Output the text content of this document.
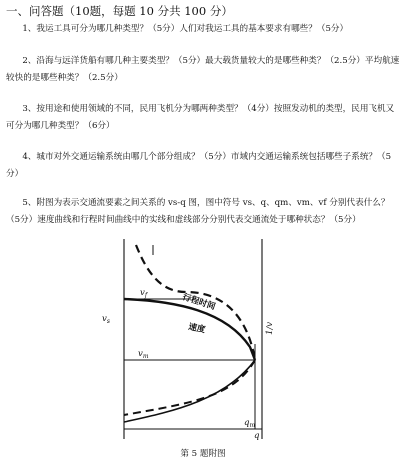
一、问答题（10题，每题 10 分共 100 分）
1、我运工具可分为哪几种类型？（5分）人们对我运工具的基本要求有哪些？（5分）
2、沿海与远洋货船有哪几种主要类型？（5分）最大载货量较大的是哪些种类？（2.5分）平均航速较快的是哪些种类？（2.5分）
3、按用途和使用领域的不同，民用飞机分为哪两种类型？（4分）按照发动机的类型，民用飞机又可分为哪几种类型？（6分）
4、城市对外交通运输系统由哪几个部分组成？（5分）市域内交通运输系统包括哪些子系统？（5分）
5、附图为表示交通流要素之间关系的 vs-q 图，图中符号 vs、q、qm、vm、vf 分别代表什么？（5分）速度曲线和行程时间曲线中的实线和虚线部分分别代表交通流处于哪种状态？（5分）
$v_s$
1/v
$v_f$
$v_m$
行程时间
速度
$q_m$
q
第 5 题附图
